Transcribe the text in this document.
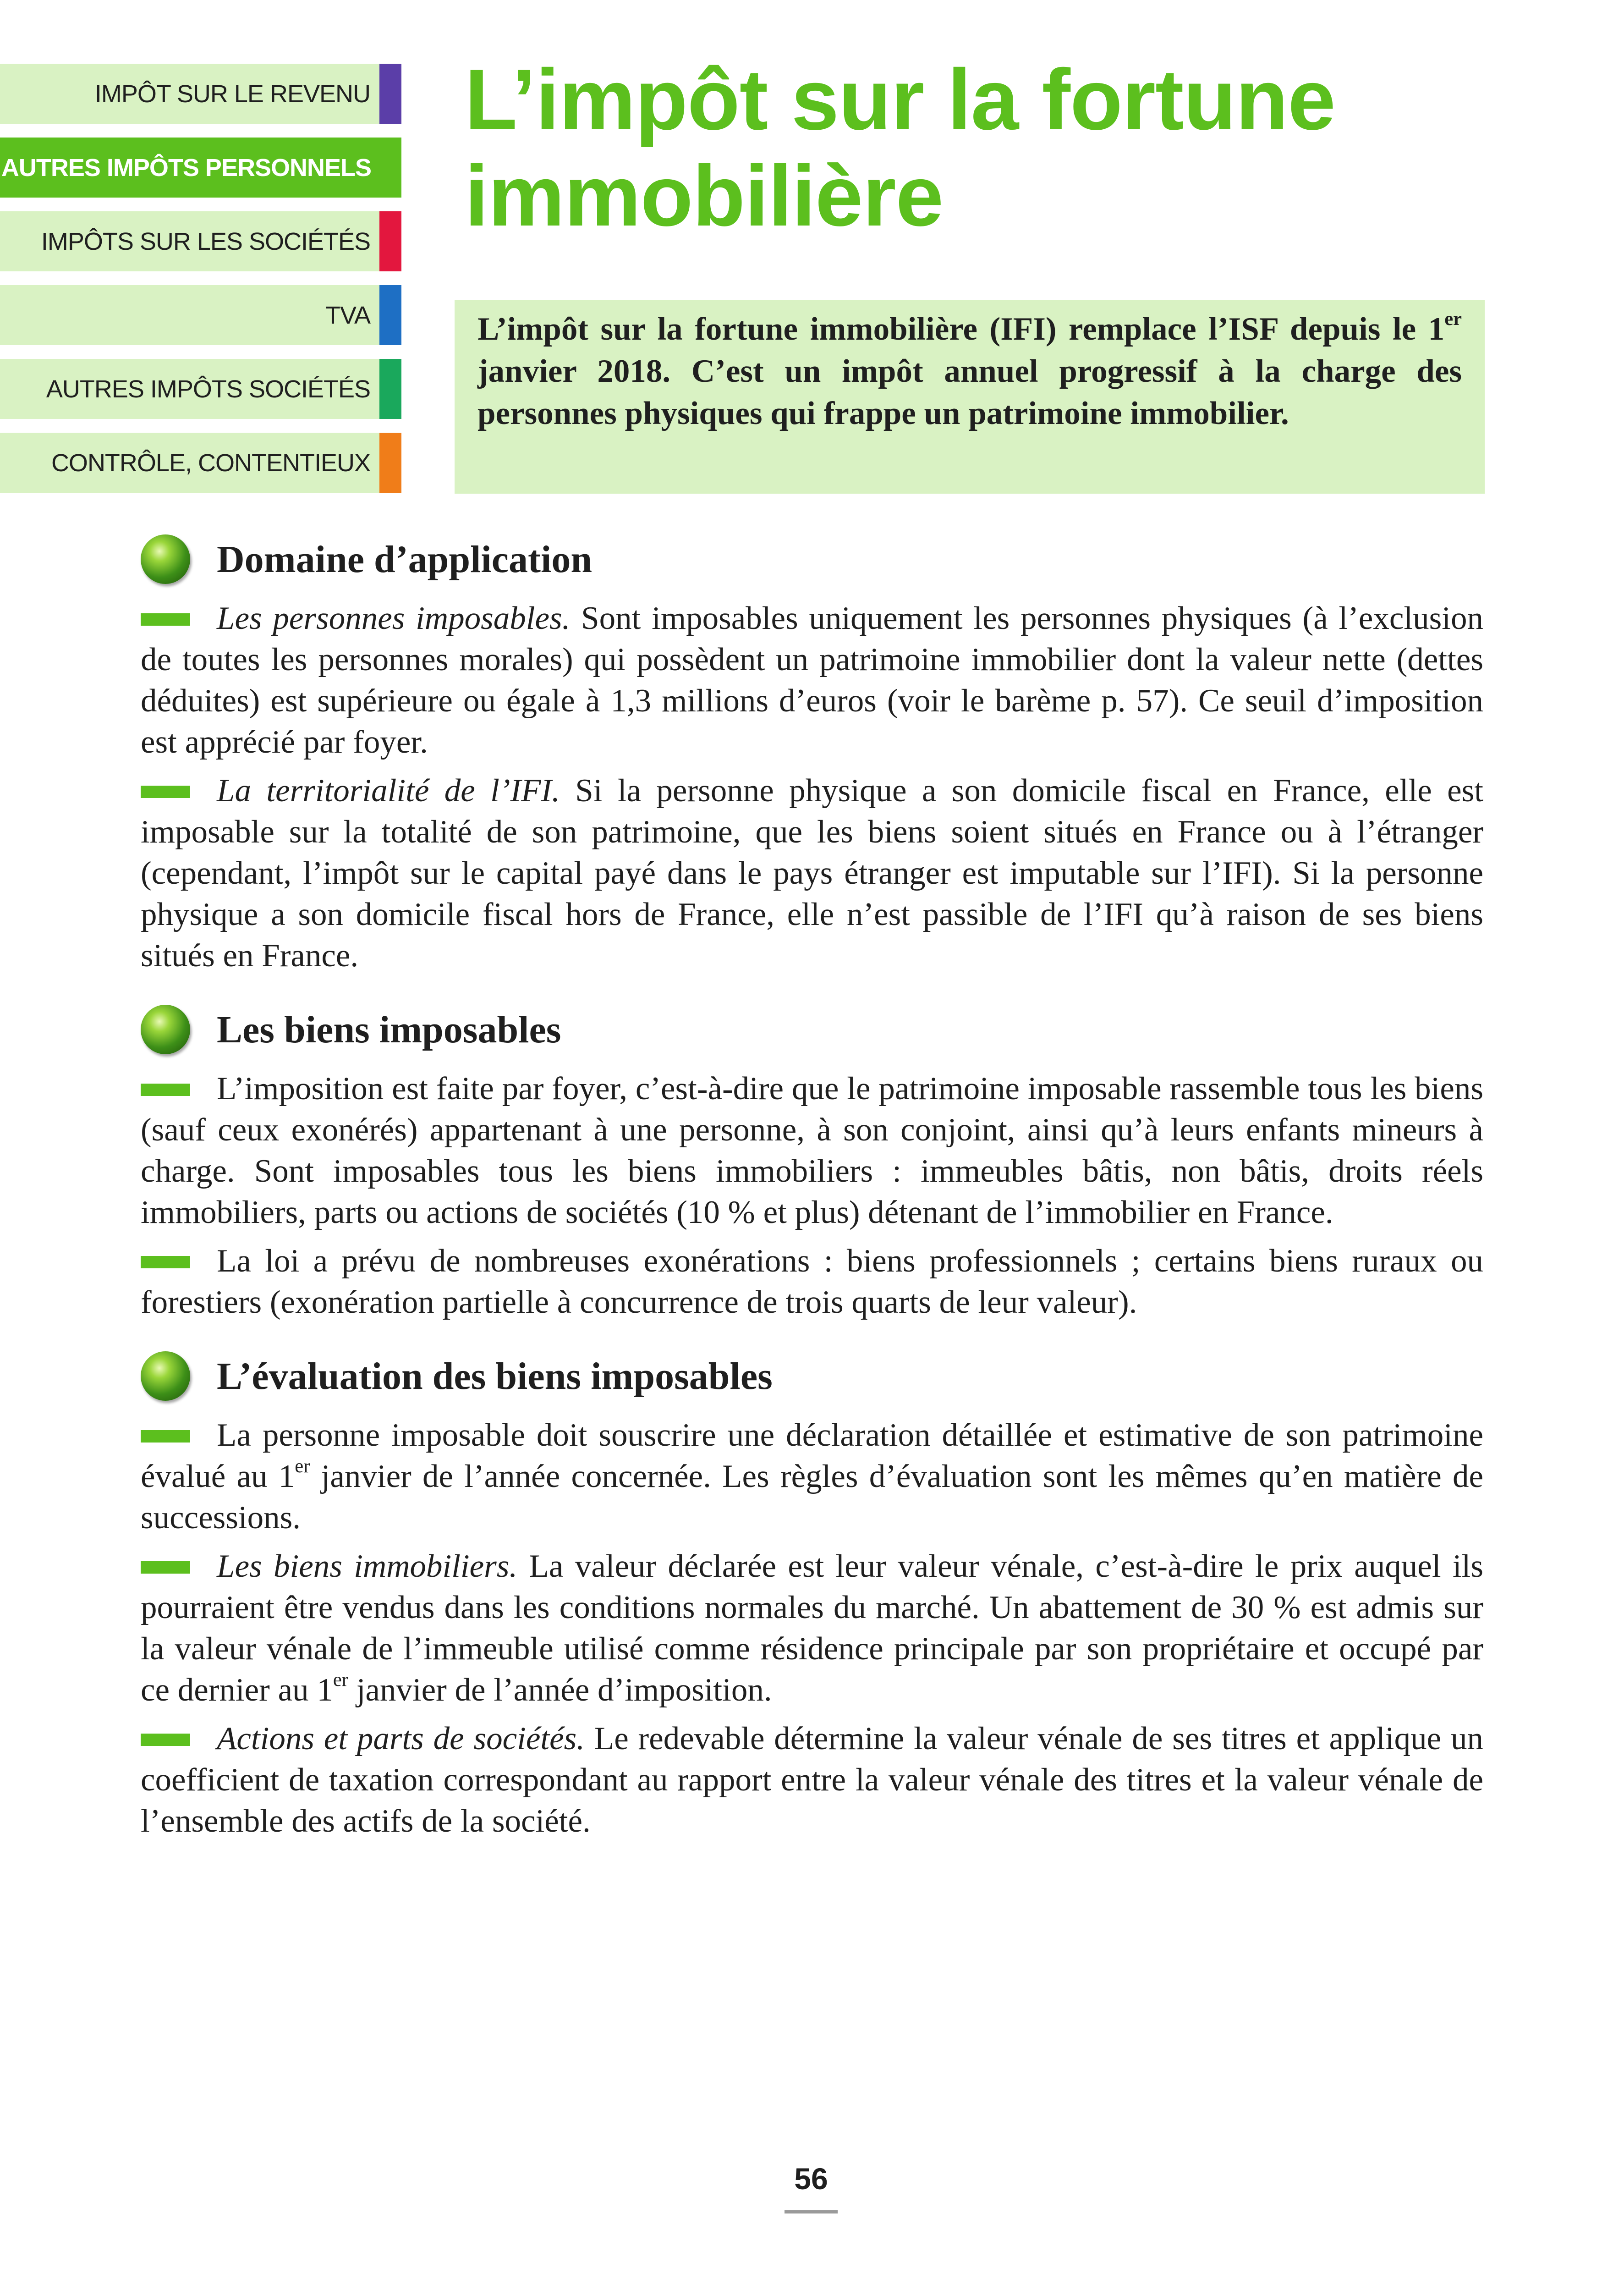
IMPÔT SUR LE REVENU
AUTRES IMPÔTS PERSONNELS
IMPÔTS SUR LES SOCIÉTÉS
TVA
AUTRES IMPÔTS SOCIÉTÉS
CONTRÔLE, CONTENTIEUX
L’impôt sur la fortune immobilière
L’impôt sur la fortune immobilière (IFI) remplace l’ISF depuis le 1er janvier 2018. C’est un impôt annuel progressif à la charge des personnes physiques qui frappe un patrimoine immobilier.
Domaine d’application

Les personnes imposables. Sont imposables uniquement les personnes physiques (à l’exclusion de toutes les personnes morales) qui possèdent un patrimoine immobilier dont la valeur nette (dettes déduites) est supérieure ou égale à 1,3 millions d’euros (voir le barème p. 57). Ce seuil d’imposition est apprécié par foyer.

La territorialité de l’IFI. Si la personne physique a son domicile fiscal en France, elle est imposable sur la totalité de son patrimoine, que les biens soient situés en France ou à l’étranger (cependant, l’impôt sur le capital payé dans le pays étranger est imputable sur l’IFI). Si la personne physique a son domicile fiscal hors de France, elle n’est passible de l’IFI qu’à raison de ses biens situés en France.

Les biens imposables

L’imposition est faite par foyer, c’est-à-dire que le patrimoine imposable rassemble tous les biens (sauf ceux exonérés) appartenant à une personne, à son conjoint, ainsi qu’à leurs enfants mineurs à charge. Sont imposables tous les biens immobiliers : immeubles bâtis, non bâtis, droits réels immobiliers, parts ou actions de sociétés (10 % et plus) détenant de l’immobilier en France.

La loi a prévu de nombreuses exonérations : biens professionnels ; certains biens ruraux ou forestiers (exonération partielle à concurrence de trois quarts de leur valeur).

L’évaluation des biens imposables

La personne imposable doit souscrire une déclaration détaillée et estimative de son patrimoine évalué au 1er janvier de l’année concernée. Les règles d’évaluation sont les mêmes qu’en matière de successions.

Les biens immobiliers. La valeur déclarée est leur valeur vénale, c’est-à-dire le prix auquel ils pourraient être vendus dans les conditions normales du marché. Un abattement de 30 % est admis sur la valeur vénale de l’immeuble utilisé comme résidence principale par son propriétaire et occupé par ce dernier au 1er janvier de l’année d’imposition.

Actions et parts de sociétés. Le redevable détermine la valeur vénale de ses titres et applique un coefficient de taxation correspondant au rapport entre la valeur vénale des titres et la valeur vénale de l’ensemble des actifs de la société.

56
